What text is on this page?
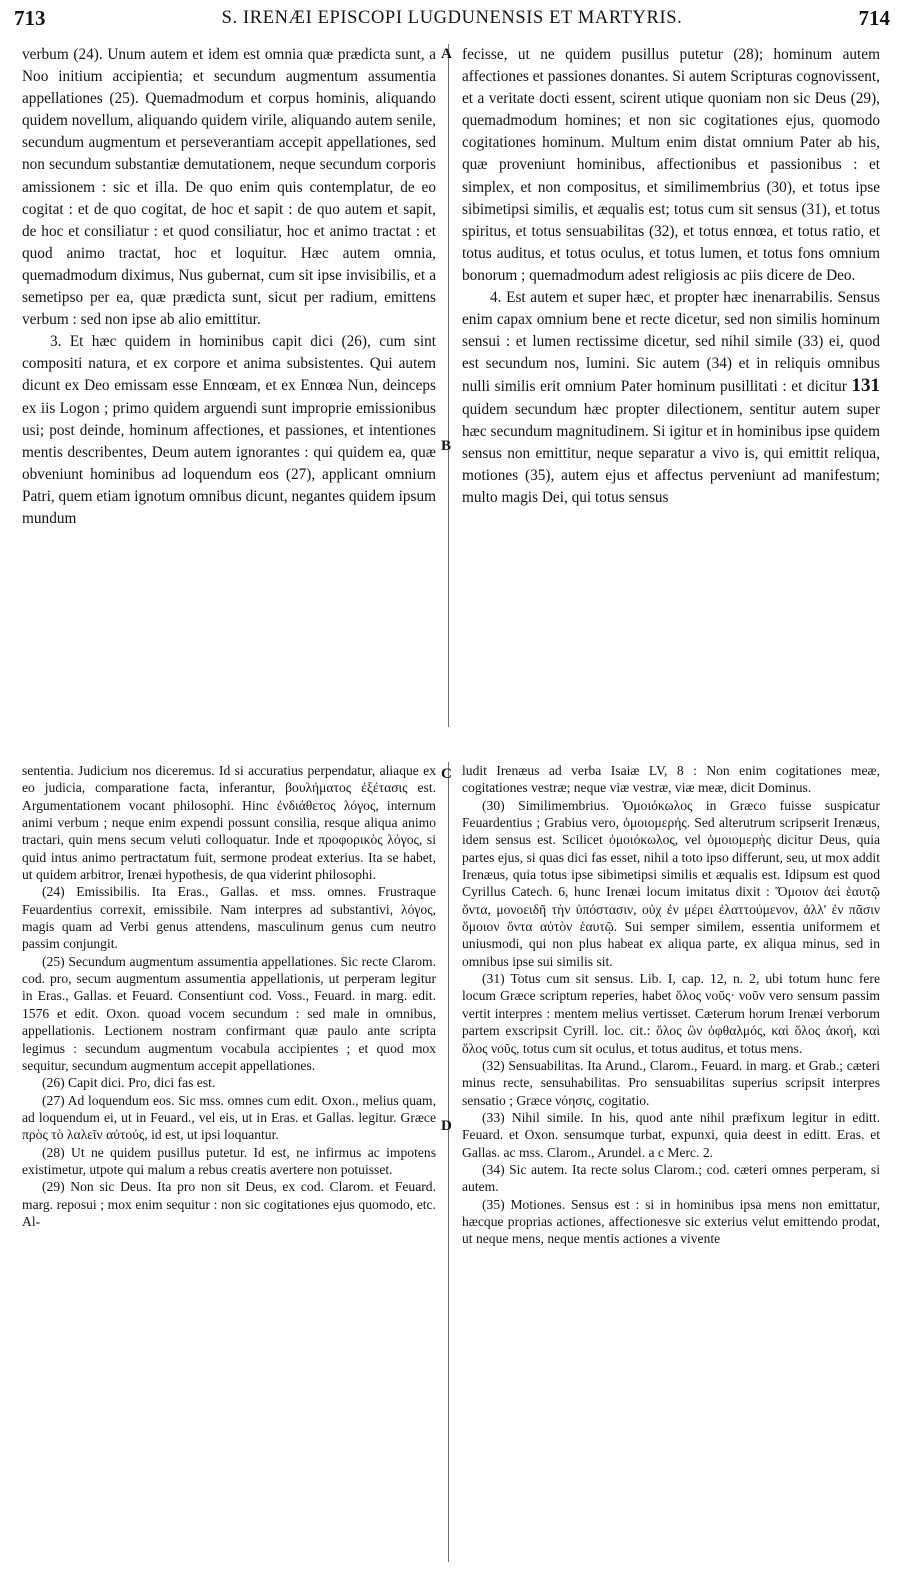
713	S. IRENÆI EPISCOPI LUGDUNENSIS ET MARTYRIS.	714

verbum (24). Unum autem et idem est omnia quæ prædicta sunt, a Noo initium accipientia; et secundum augmentum assumentia appellationes (25). Quemadmodum et corpus hominis, aliquando quidem novellum, aliquando quidem virile, aliquando autem senile, secundum augmentum et perseverantiam accepit appellationes, sed non secundum substantiæ demutationem, neque secundum corporis amissionem : sic et illa. De quo enim quis contemplatur, de eo cogitat : et de quo cogitat, de hoc et sapit : de quo autem et sapit, de hoc et consiliatur : et quod consiliatur, hoc et animo tractat : et quod animo tractat, hoc et loquitur. Hæc autem omnia, quemadmodum diximus, Nus gubernat, cum sit ipse invisibilis, et a semetipso per ea, quæ prædicta sunt, sicut per radium, emittens verbum : sed non ipse ab alio emittitur.

3. Et hæc quidem in hominibus capit dici (26), cum sint compositi natura, et ex corpore et anima subsistentes. Qui autem dicunt ex Deo emissam esse Ennœam, et ex Ennœa Nun, deinceps ex iis Logon ; primo quidem arguendi sunt improprie emissionibus usi; post deinde, hominum affectiones, et passiones, et intentiones mentis describentes, Deum autem ignorantes : qui quidem ea, quæ obveniunt hominibus ad loquendum eos (27), applicant omnium Patri, quem etiam ignotum omnibus dicunt, negantes quidem ipsum mundum

fecisse, ut ne quidem pusillus putetur (28); hominum autem affectiones et passiones donantes. Si autem Scripturas cognovissent, et a veritate docti essent, scirent utique quoniam non sic Deus (29), quemadmodum homines; et non sic cogitationes ejus, quomodo cogitationes hominum. Multum enim distat omnium Pater ab his, quæ proveniunt hominibus, affectionibus et passionibus : et simplex, et non compositus, et similimembrius (30), et totus ipse sibimetipsi similis, et æqualis est; totus cum sit sensus (31), et totus spiritus, et totus sensuabilitas (32), et totus ennœa, et totus ratio, et totus auditus, et totus oculus, et totus lumen, et totus fons omnium bonorum ; quemadmodum adest religiosis ac piis dicere de Deo.

4. Est autem et super hæc, et propter hæc inenarrabilis. Sensus enim capax omnium bene et recte dicetur, sed non similis hominum sensui : et lumen rectissime dicetur, sed nihil simile (33) ei, quod est secundum nos, lumini. Sic autem (34) et in reliquis omnibus nulli similis erit omnium Pater hominum pusillitati : et dicitur 131 quidem secundum hæc propter dilectionem, sentitur autem super hæc secundum magnitudinem. Si igitur et in hominibus ipse quidem sensus non emittitur, neque separatur a vivo is, qui emittit reliqua, motiones (35), autem ejus et affectus perveniunt ad manifestum; multo magis Dei, qui totus sensus

A
B
C
D

sententia. Judicium nos diceremus. Id si accuratius perpendatur, aliaque ex eo judicia, comparatione facta, inferantur, βουλήματος ἐξέτασις est. Argumentationem vocant philosophi. Hinc ἐνδιάθετος λόγος, internum animi verbum ; neque enim expendi possunt consilia, resque aliqua animo tractari, quin mens secum veluti colloquatur. Inde et προφορικὸς λόγος, si quid intus animo pertractatum fuit, sermone prodeat exterius. Ita se habet, ut quidem arbitror, Irenæi hypothesis, de qua viderint philosophi.

(24) Emissibilis. Ita Eras., Gallas. et mss. omnes. Frustraque Feuardentius correxit, emissibile. Nam interpres ad substantivi, λόγος, magis quam ad Verbi genus attendens, masculinum genus cum neutro passim conjungit.

(25) Secundum augmentum assumentia appellationes. Sic recte Clarom. cod. pro, secum augmentum assumentia appellationis, ut perperam legitur in Eras., Gallas. et Feuard. Consentiunt cod. Voss., Feuard. in marg. edit. 1576 et edit. Oxon. quoad vocem secundum : sed male in omnibus, appellationis. Lectionem nostram confirmant quæ paulo ante scripta legimus : secundum augmentum vocabula accipientes ; et quod mox sequitur, secundum augmentum accepit appellationes.

(26) Capit dici. Pro, dici fas est.

(27) Ad loquendum eos. Sic mss. omnes cum edit. Oxon., melius quam, ad loquendum ei, ut in Feuard., vel eis, ut in Eras. et Gallas. legitur. Græce πρὸς τὸ λαλεῖν αὐτούς, id est, ut ipsi loquantur.

(28) Ut ne quidem pusillus putetur. Id est, ne infirmus ac impotens existimetur, utpote qui malum a rebus creatis avertere non potuisset.

(29) Non sic Deus. Ita pro non sit Deus, ex cod. Clarom. et Feuard. marg. reposui ; mox enim sequitur : non sic cogitationes ejus quomodo, etc. Al-

ludit Irenæus ad verba Isaiæ LV, 8 : Non enim cogitationes meæ, cogitationes vestræ; neque viæ vestræ, viæ meæ, dicit Dominus.

(30) Similimembrius. Ὁμοιόκωλος in Græco fuisse suspicatur Feuardentius ; Grabius vero, ὁμοιομερής. Sed alterutrum scripserit Irenæus, idem sensus est. Scilicet ὁμοιόκωλος, vel ὁμοιομερὴς dicitur Deus, quia partes ejus, si quas dici fas esset, nihil a toto ipso differunt, seu, ut mox addit Irenæus, quia totus ipse sibimetipsi similis et æqualis est. Idipsum est quod Cyrillus Catech. 6, hunc Irenæi locum imitatus dixit : Ὅμοιον ἀεὶ ἑαυτῷ ὄντα, μονοειδῆ τὴν ὑπόστασιν, οὐχ ἐν μέρει ἐλαττούμενον, ἀλλ' ἐν πᾶσιν ὅμοιον ὄντα αὐτὸν ἑαυτῷ. Sui semper similem, essentia uniformem et uniusmodi, qui non plus habeat ex aliqua parte, ex aliqua minus, sed in omnibus ipse sui similis sit.

(31) Totus cum sit sensus. Lib. I, cap. 12, n. 2, ubi totum hunc fere locum Græce scriptum reperies, habet ὅλος νοῦς· νοῦν vero sensum passim vertit interpres : mentem melius vertisset. Cæterum horum Irenæi verborum partem exscripsit Cyrill. loc. cit.: ὅλος ὢν ὀφθαλμός, καὶ ὅλος ἀκοή, καὶ ὅλος νοῦς, totus cum sit oculus, et totus auditus, et totus mens.

(32) Sensuabilitas. Ita Arund., Clarom., Feuard. in marg. et Grab.; cæteri minus recte, sensuhabilitas. Pro sensuabilitas superius scripsit interpres sensatio ; Græce νόησις, cogitatio.

(33) Nihil simile. In his, quod ante nihil præfixum legitur in editt. Feuard. et Oxon. sensumque turbat, expunxi, quia deest in editt. Eras. et Gallas. ac mss. Clarom., Arundel. a c Merc. 2.

(34) Sic autem. Ita recte solus Clarom.; cod. cæteri omnes perperam, si autem.

(35) Motiones. Sensus est : si in hominibus ipsa mens non emittatur, hæcque proprias actiones, affectionesve sic exterius velut emittendo prodat, ut neque mens, neque mentis actiones a vivente
